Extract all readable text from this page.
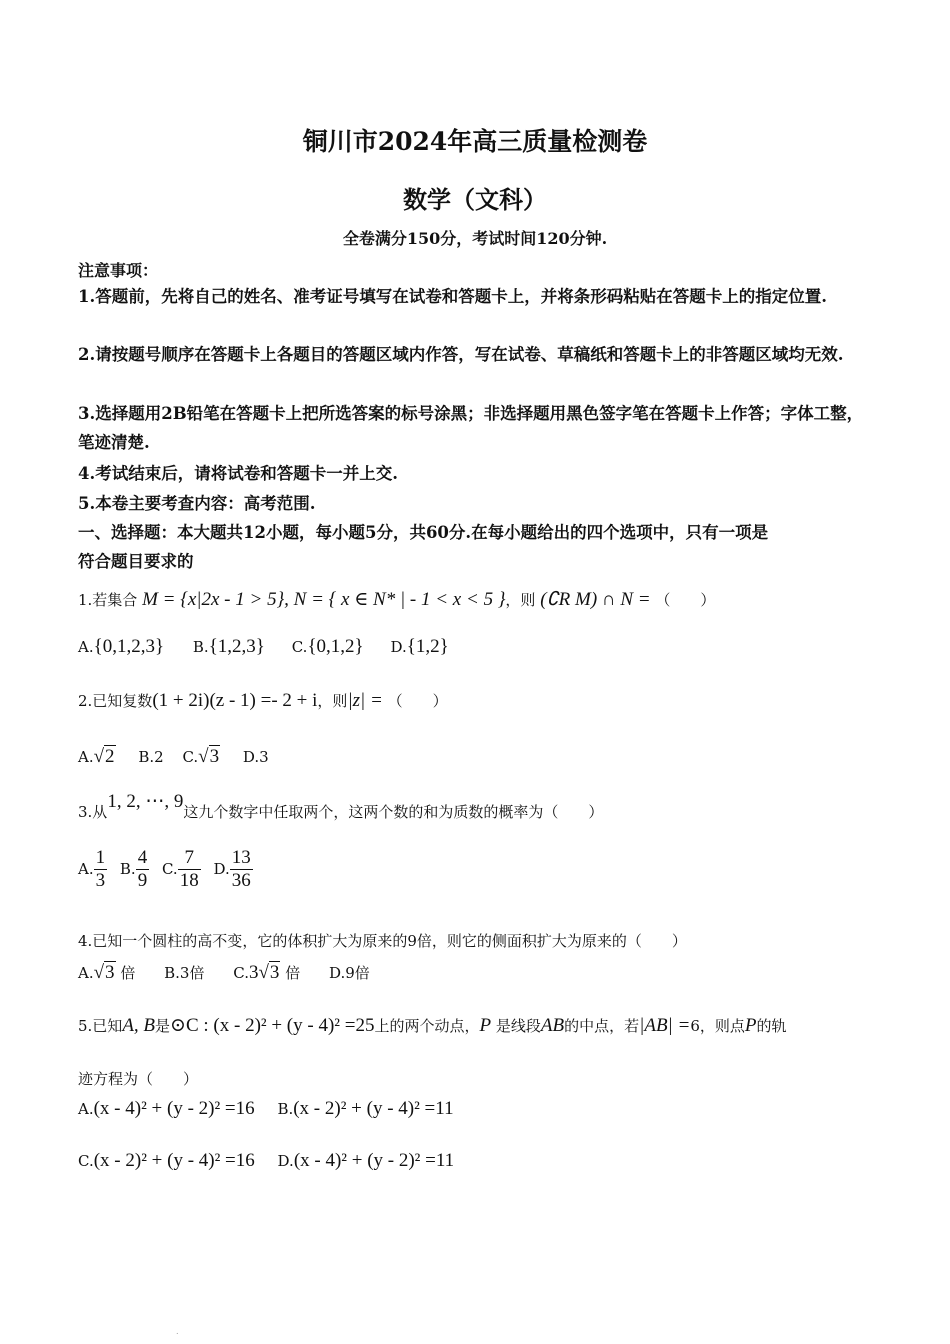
铜川市2024年高三质量检测卷
数学（文科）
全卷满分150分，考试时间120分钟.
注意事项：
1.答题前，先将自己的姓名、准考证号填写在试卷和答题卡上，并将条形码粘贴在答题卡上的指定位置.
2.请按题号顺序在答题卡上各题目的答题区域内作答，写在试卷、草稿纸和答题卡上的非答题区域均无效.
3.选择题用2B铅笔在答题卡上把所选答案的标号涂黑；非选择题用黑色签字笔在答题卡上作答；字体工整，笔迹清楚.
4.考试结束后，请将试卷和答题卡一并上交.
5.本卷主要考查内容：高考范围.
一、选择题：本大题共12小题，每小题5分，共60分.在每小题给出的四个选项中，只有一项是
符合题目要求的
1.若集合 M = {x|2x - 1 > 5}, N = { x ∈ N* | - 1 < x < 5 }，则 (∁R M) ∩ N = （　　）
A.{0,1,2,3} B.{1,2,3} C.{0,1,2} D.{1,2}
2.已知复数(1 + 2i)(z - 1) =- 2 + i，则|z| = （　　）
A.√2 B.2 C.√3 D.3
3.从1, 2, ⋯, 9这九个数字中任取两个，这两个数的和为质数的概率为（　　）
A. $\frac{1}{3} B$. $\frac{4}{9} C$. $\frac{7}{18} D$. $\frac{13}{36}$
4.已知一个圆柱的高不变，它的体积扩大为原来的9倍，则它的侧面积扩大为原来的（　　）
A.√3 倍 B.3倍 C.3√3 倍 D.9倍
5.已知A, B是⊙C : (x - 2)² + (y - 4)² =25上的两个动点，P 是线段AB的中点，若|AB| =6，则点P的轨
迹方程为（　　）
A.(x - 4)² + (y - 2)² =16 B.(x - 2)² + (y - 4)² =11
C.(x - 2)² + (y - 4)² =16 D.(x - 4)² + (y - 2)² =11
.
